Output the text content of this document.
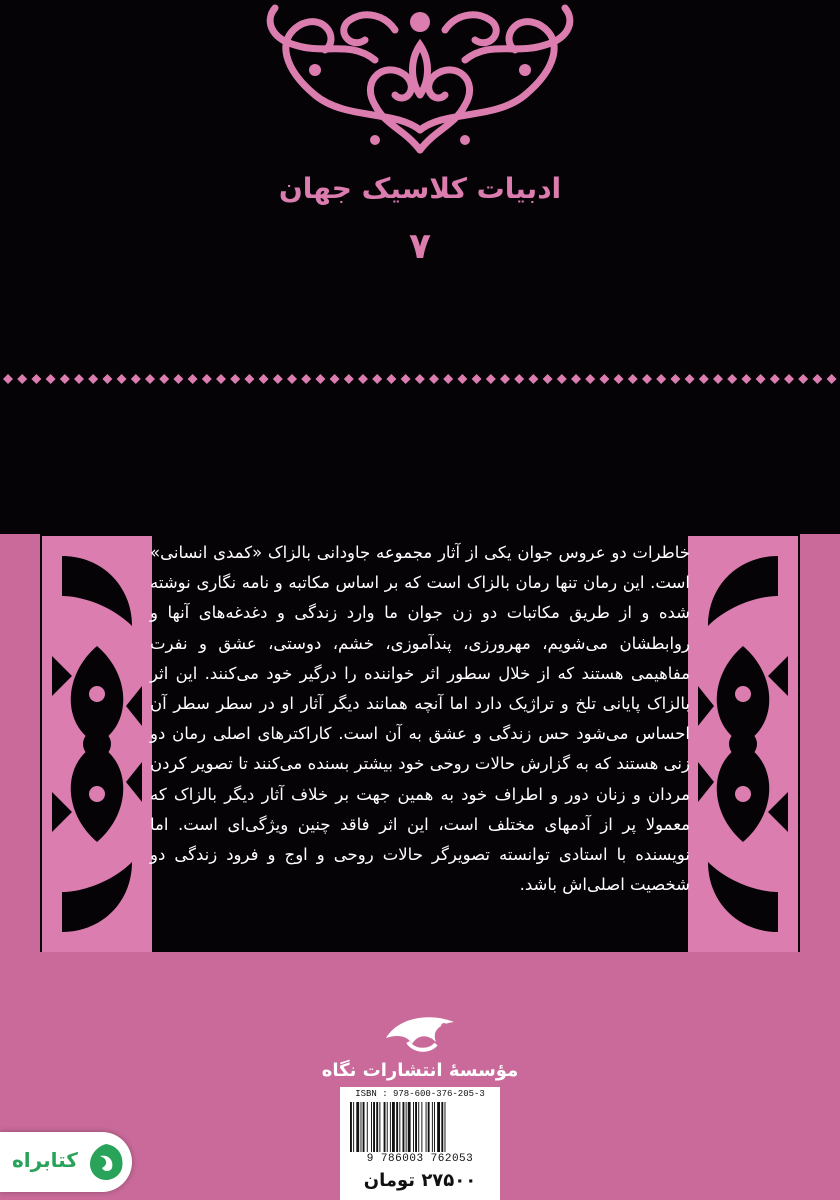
ادبیات کلاسیک جهان
۷
خاطرات دو عروس جوان یکی از آثار مجموعه جاودانی بالزاک «کمدی انسانی» است. این رمان تنها رمان بالزاک است که بر اساس مکاتبه و نامه نگاری نوشته شده و از طریق مکاتبات دو زن جوان ما وارد زندگی و دغدغه‌های آنها و روابطشان می‌شویم، مهرورزی، پندآموزی، خشم، دوستی، عشق و نفرت مفاهیمی هستند که از خلال سطور اثر خواننده را درگیر خود می‌کنند. این اثر بالزاک پایانی تلخ و تراژیک دارد اما آنچه همانند دیگر آثار او در سطر سطر آن احساس می‌شود حس زندگی و عشق به آن است. کاراکترهای اصلی رمان دو زنی هستند که به گزارش حالات روحی خود بیشتر بسنده می‌کنند تا تصویر کردن مردان و زنان دور و اطراف خود به همین جهت بر خلاف آثار دیگر بالزاک که معمولا پر از آدمهای مختلف است، این اثر فاقد چنین ویژگی‌ای است. اما نویسنده با استادی توانسته تصویرگر حالات روحی و اوج و فرود زندگی دو شخصیت اصلی‌اش باشد.
مؤسسهٔ انتشارات نگاه
ISBN : 978-600-376-205-3
9 786003 762053
۲۷۵۰۰ تومان
کتابراه
